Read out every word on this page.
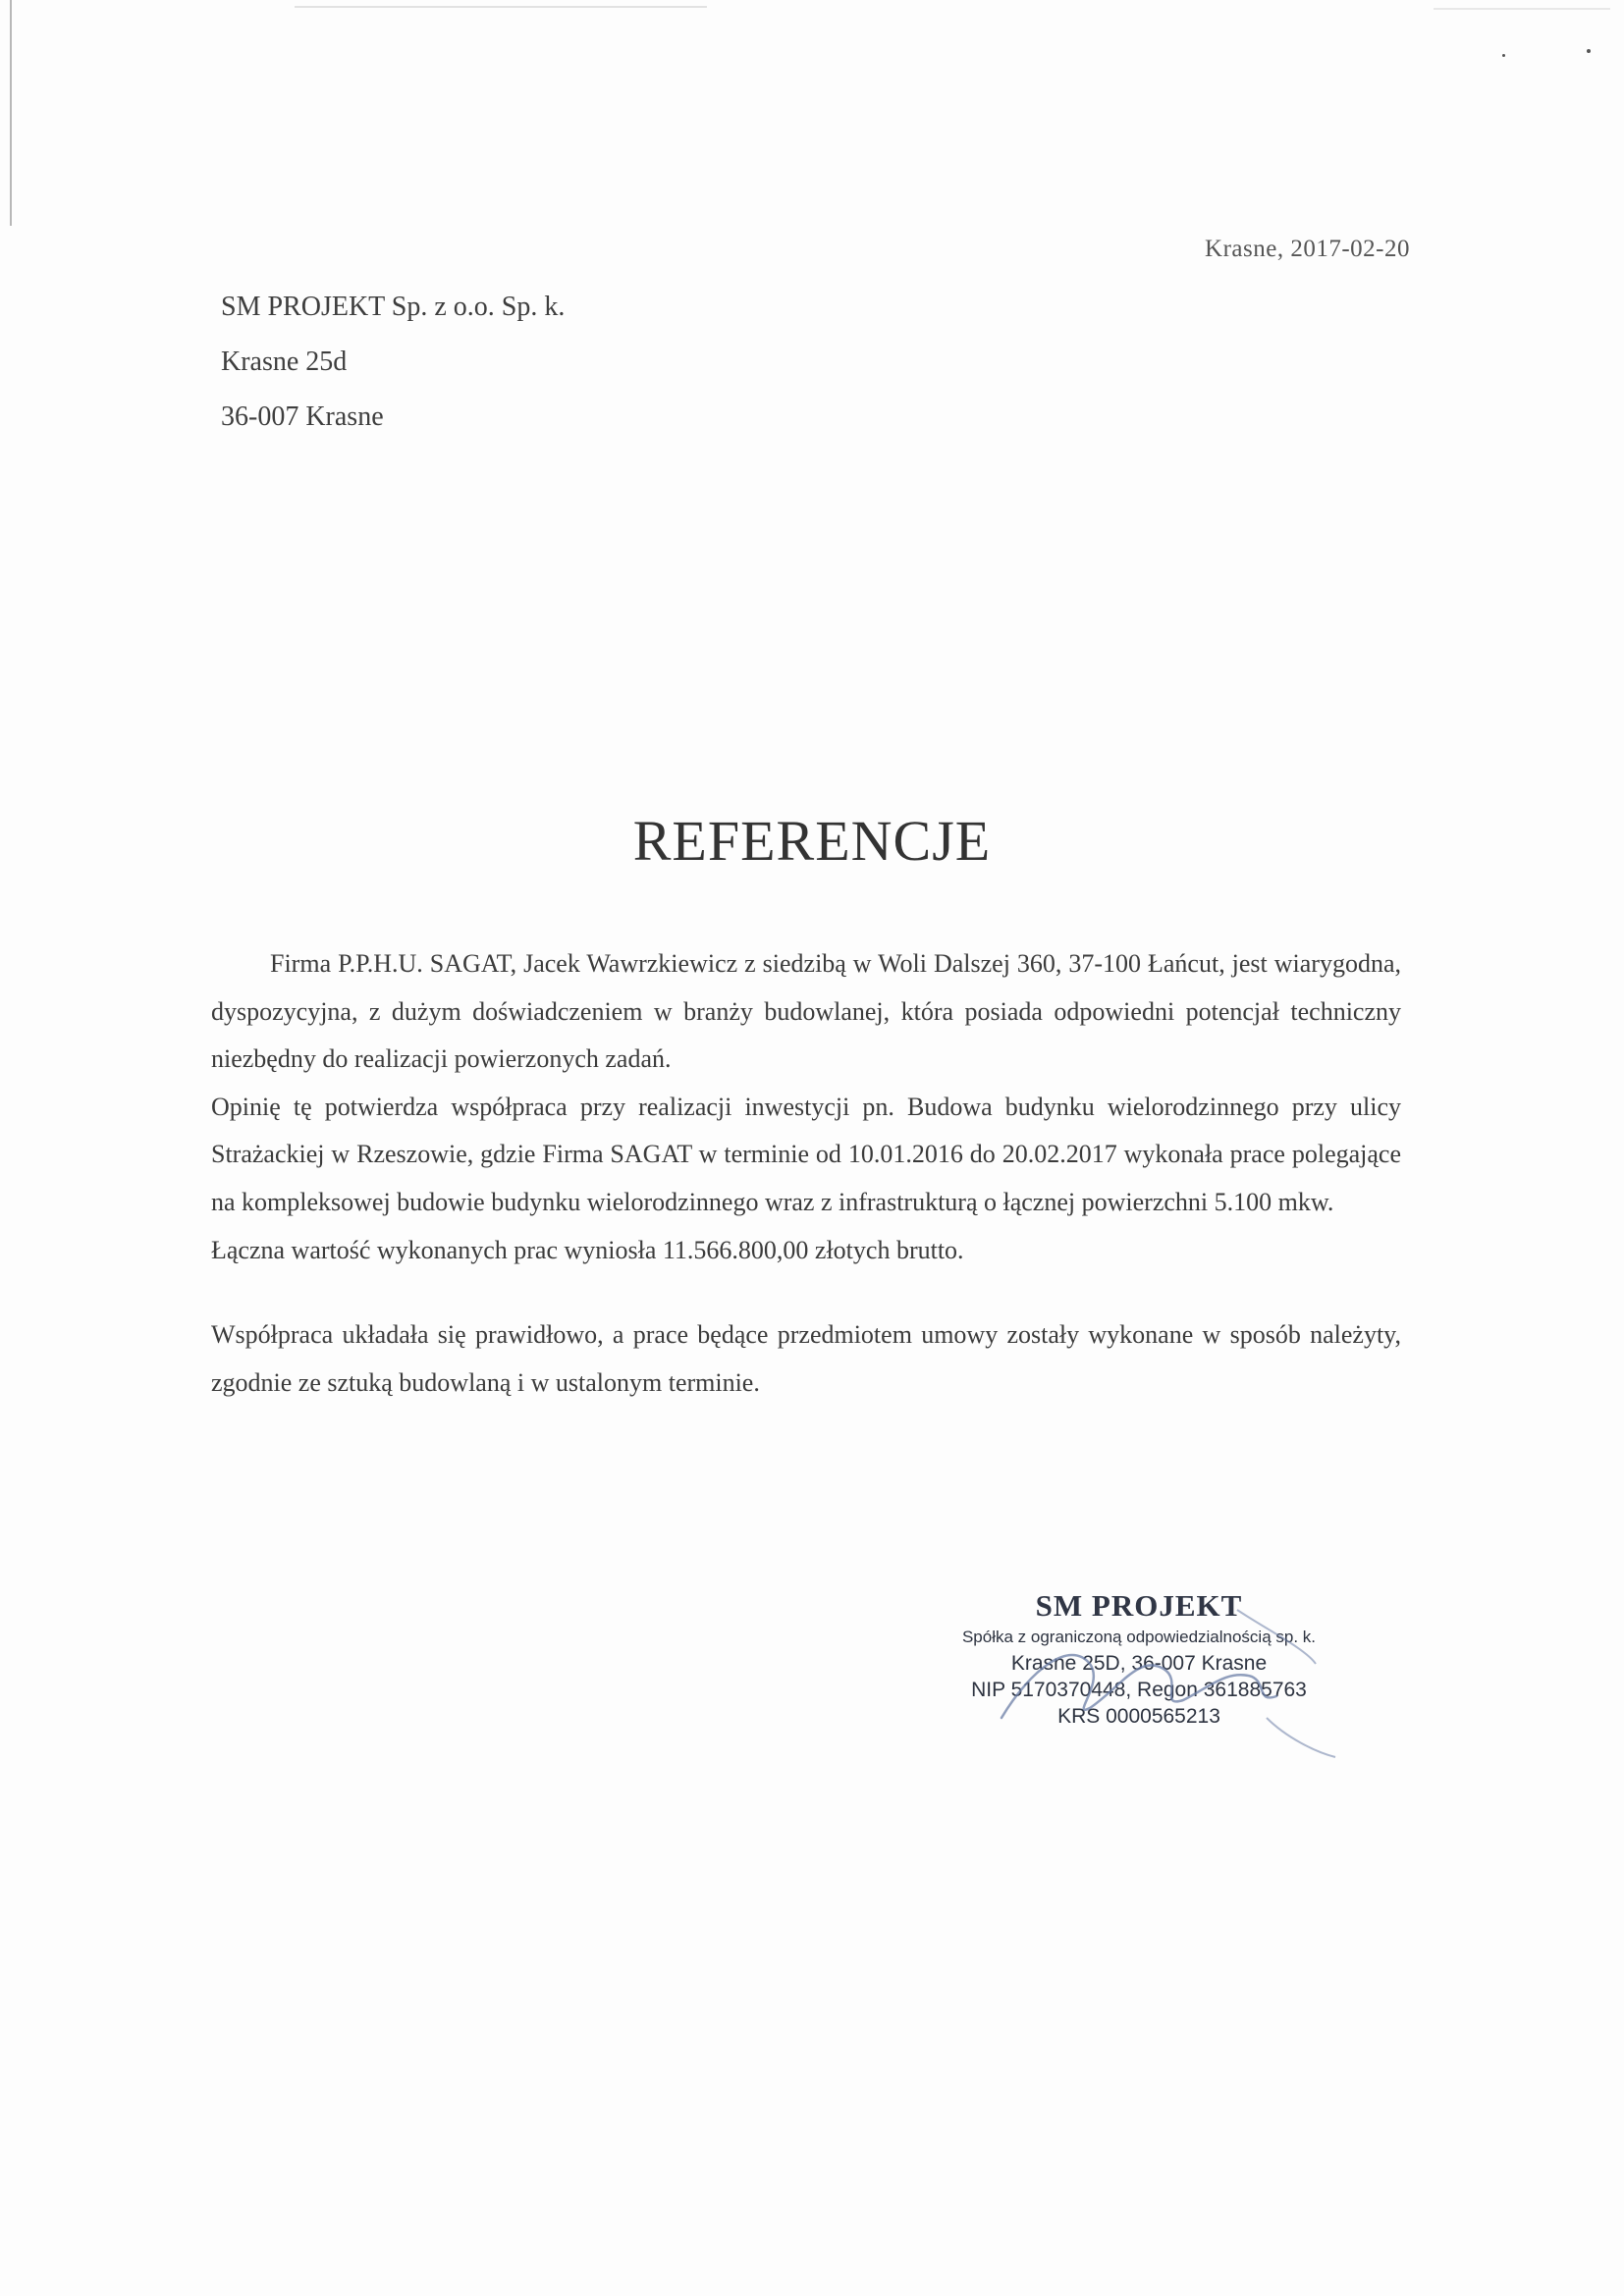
Krasne, 2017-02-20
SM PROJEKT Sp. z o.o. Sp. k.
Krasne 25d
36-007 Krasne
REFERENCJE

Firma P.P.H.U. SAGAT, Jacek Wawrzkiewicz z siedzibą w Woli Dalszej 360, 37-100 Łańcut, jest wiarygodna, dyspozycyjna, z dużym doświadczeniem w branży budowlanej, która posiada odpowiedni potencjał techniczny niezbędny do realizacji powierzonych zadań.

Opinię tę potwierdza współpraca przy realizacji inwestycji pn. Budowa budynku wielorodzinnego przy ulicy Strażackiej w Rzeszowie, gdzie Firma SAGAT w terminie od 10.01.2016 do 20.02.2017 wykonała prace polegające na kompleksowej budowie budynku wielorodzinnego wraz z infrastrukturą o łącznej powierzchni 5.100 mkw.

Łączna wartość wykonanych prac wyniosła 11.566.800,00 złotych brutto.

Współpraca układała się prawidłowo, a prace będące przedmiotem umowy zostały wykonane w sposób należyty, zgodnie ze sztuką budowlaną i w ustalonym terminie.

SM PROJEKT
Spółka z ograniczoną odpowiedzialnością sp. k.
Krasne 25D, 36-007 Krasne
NIP 5170370448, Regon 361885763
KRS 0000565213
